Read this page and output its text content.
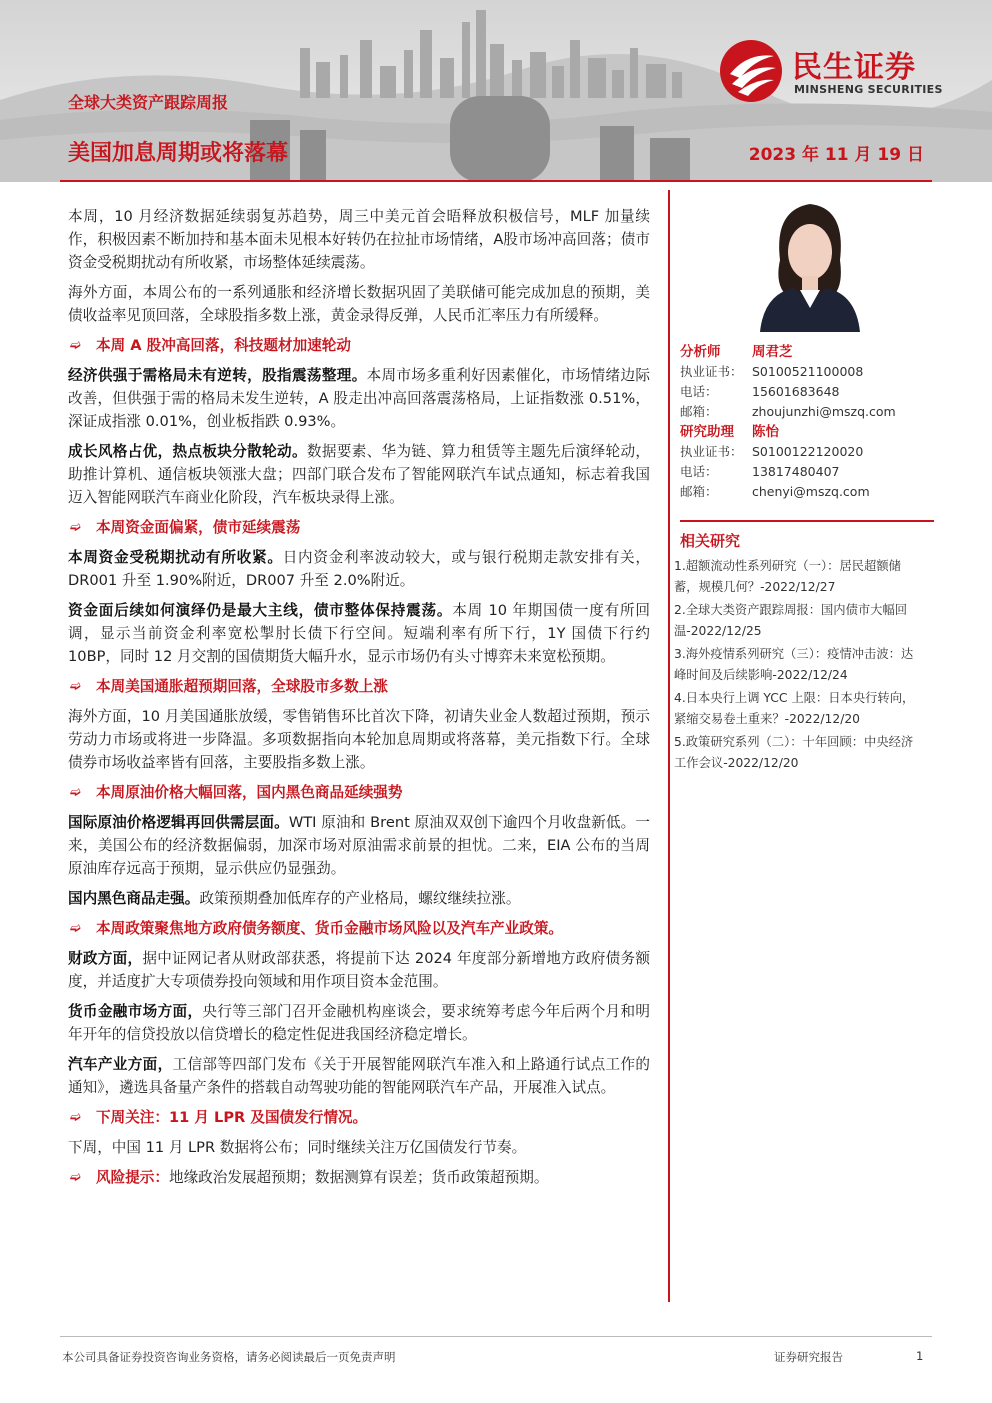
全球大类资产跟踪周报
美国加息周期或将落幕	2023 年 11 月 19 日
民生证券
MINSHENG SECURITIES

本周，10 月经济数据延续弱复苏趋势，周三中美元首会晤释放积极信号，MLF 加量续作，积极因素不断加持和基本面未见根本好转仍在拉扯市场情绪，A股市场冲高回落；债市资金受税期扰动有所收紧，市场整体延续震荡。

海外方面，本周公布的一系列通胀和经济增长数据巩固了美联储可能完成加息的预期，美债收益率见顶回落，全球股指多数上涨，黄金录得反弹，人民币汇率压力有所缓释。

➫	本周 A 股冲高回落，科技题材加速轮动

经济供强于需格局未有逆转，股指震荡整理。本周市场多重利好因素催化，市场情绪边际改善，但供强于需的格局未发生逆转，A 股走出冲高回落震荡格局，上证指数涨 0.51%，深证成指涨 0.01%，创业板指跌 0.93%。

成长风格占优，热点板块分散轮动。数据要素、华为链、算力租赁等主题先后演绎轮动，助推计算机、通信板块领涨大盘；四部门联合发布了智能网联汽车试点通知，标志着我国迈入智能网联汽车商业化阶段，汽车板块录得上涨。

➫	本周资金面偏紧，债市延续震荡

本周资金受税期扰动有所收紧。日内资金利率波动较大，或与银行税期走款安排有关，DR001 升至 1.90%附近，DR007 升至 2.0%附近。

资金面后续如何演绎仍是最大主线，债市整体保持震荡。本周 10 年期国债一度有所回调，显示当前资金利率宽松掣肘长债下行空间。短端利率有所下行，1Y 国债下行约 10BP，同时 12 月交割的国债期货大幅升水，显示市场仍有头寸博弈未来宽松预期。

➫	本周美国通胀超预期回落，全球股市多数上涨

海外方面，10 月美国通胀放缓，零售销售环比首次下降，初请失业金人数超过预期，预示劳动力市场或将进一步降温。多项数据指向本轮加息周期或将落幕，美元指数下行。全球债券市场收益率皆有回落，主要股指多数上涨。

➫	本周原油价格大幅回落，国内黑色商品延续强势

国际原油价格逻辑再回供需层面。WTI 原油和 Brent 原油双双创下逾四个月收盘新低。一来，美国公布的经济数据偏弱，加深市场对原油需求前景的担忧。二来，EIA 公布的当周原油库存远高于预期，显示供应仍显强劲。

国内黑色商品走强。政策预期叠加低库存的产业格局，螺纹继续拉涨。

➫	本周政策聚焦地方政府债务额度、货币金融市场风险以及汽车产业政策。

财政方面，据中证网记者从财政部获悉，将提前下达 2024 年度部分新增地方政府债务额度，并适度扩大专项债券投向领域和用作项目资本金范围。

货币金融市场方面，央行等三部门召开金融机构座谈会，要求统筹考虑今年后两个月和明年开年的信贷投放以信贷增长的稳定性促进我国经济稳定增长。

汽车产业方面，工信部等四部门发布《关于开展智能网联汽车准入和上路通行试点工作的通知》，遴选具备量产条件的搭载自动驾驶功能的智能网联汽车产品，开展准入试点。

➫	下周关注：11 月 LPR 及国债发行情况。

下周，中国 11 月 LPR 数据将公布；同时继续关注万亿国债发行节奏。

➫	风险提示： 地缘政治发展超预期；数据测算有误差；货币政策超预期。
分析师	周君芝
执业证书： S0100521100008
电话：	15601683648
邮箱：	zhoujunzhi@mszq.com
研究助理	陈怡
执业证书： S0100122120020
电话：	13817480407
邮箱：	chenyi@mszq.com
相关研究
1.超额流动性系列研究（一）：居民超额储蓄，规模几何？-2022/12/27
2.全球大类资产跟踪周报：国内债市大幅回温-2022/12/25
3.海外疫情系列研究（三）：疫情冲击波：达峰时间及后续影响-2022/12/24
4.日本央行上调 YCC 上限：日本央行转向，紧缩交易卷土重来？-2022/12/20
5.政策研究系列（二）：十年回顾：中央经济工作会议-2022/12/20
本公司具备证券投资咨询业务资格，请务必阅读最后一页免责声明	证券研究报告	1
